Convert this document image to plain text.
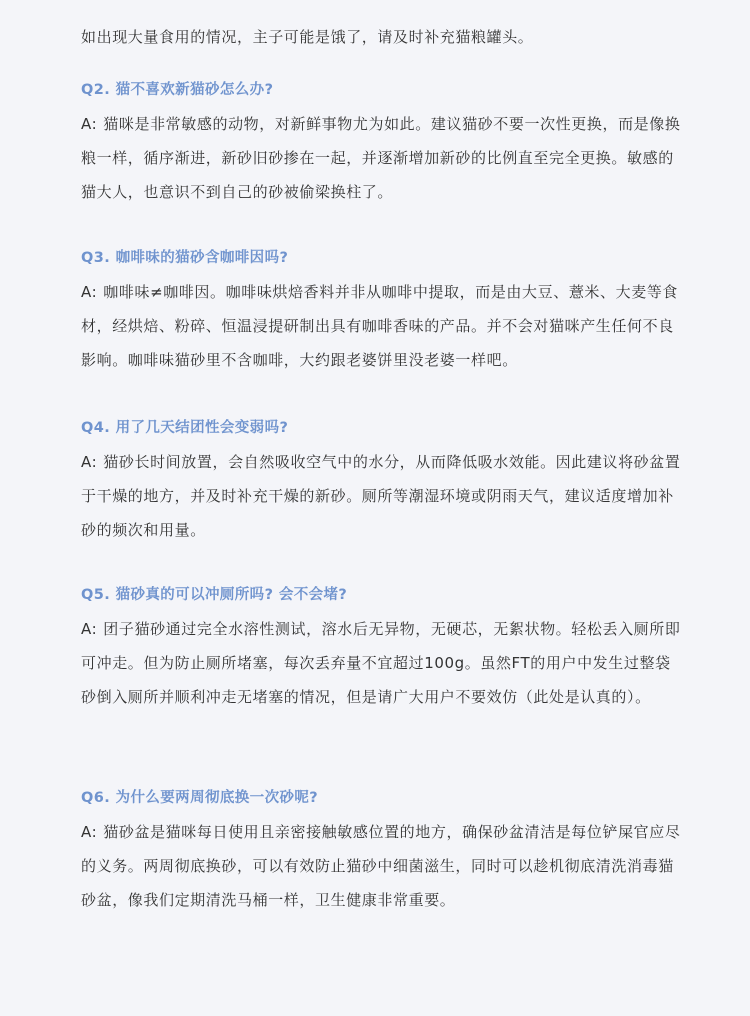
如出现大量食用的情况，主子可能是饿了，请及时补充猫粮罐头。

Q2. 猫不喜欢新猫砂怎么办?

A: 猫咪是非常敏感的动物，对新鲜事物尤为如此。建议猫砂不要一次性更换，而是像换粮一样，循序渐进，新砂旧砂掺在一起，并逐渐增加新砂的比例直至完全更换。敏感的猫大人，也意识不到自己的砂被偷梁换柱了。

Q3. 咖啡味的猫砂含咖啡因吗?

A: 咖啡味≠咖啡因。咖啡味烘焙香料并非从咖啡中提取，而是由大豆、薏米、大麦等食材，经烘焙、粉碎、恒温浸提研制出具有咖啡香味的产品。并不会对猫咪产生任何不良影响。咖啡味猫砂里不含咖啡，大约跟老婆饼里没老婆一样吧。

Q4. 用了几天结团性会变弱吗?

A: 猫砂长时间放置，会自然吸收空气中的水分，从而降低吸水效能。因此建议将砂盆置于干燥的地方，并及时补充干燥的新砂。厕所等潮湿环境或阴雨天气，建议适度增加补砂的频次和用量。

Q5. 猫砂真的可以冲厕所吗? 会不会堵?

A: 团子猫砂通过完全水溶性测试，溶水后无异物，无硬芯，无絮状物。轻松丢入厕所即可冲走。但为防止厕所堵塞，每次丢弃量不宜超过100g。虽然FT的用户中发生过整袋砂倒入厕所并顺利冲走无堵塞的情况，但是请广大用户不要效仿（此处是认真的）。

Q6. 为什么要两周彻底换一次砂呢?

A: 猫砂盆是猫咪每日使用且亲密接触敏感位置的地方，确保砂盆清洁是每位铲屎官应尽的义务。两周彻底换砂，可以有效防止猫砂中细菌滋生，同时可以趁机彻底清洗消毒猫砂盆，像我们定期清洗马桶一样，卫生健康非常重要。
